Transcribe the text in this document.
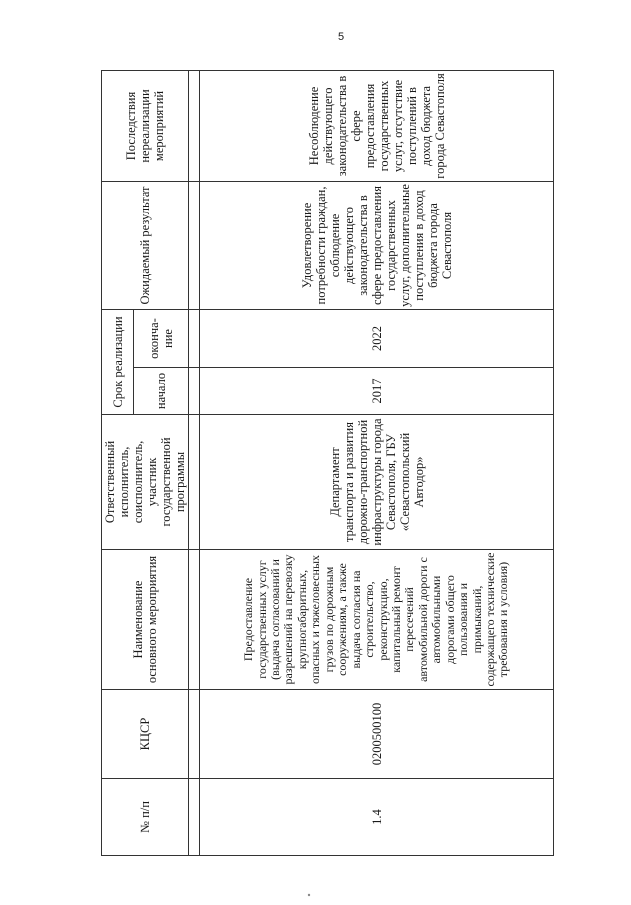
5
№ п/п	КЦСР	Наименование основного мероприятия	Ответственный исполнитель, соисполнитель, участник государственной программы	Срок реализации		Ожидаемый результат	Последствия нереализации мероприятий
				начало	оконча-ние		

1.4	0200500100	Предоставление государственных услуг (выдача согласований и разрешений на перевозку крупногабаритных, опасных и тяжеловесных грузов по дорожным сооружениям, а также выдача согласия на строительство, реконструкцию, капитальный ремонт пересечений автомобильной дороги с автомобильными дорогами общего пользования и примыканий, содержащего технические требования и условия)	Департамент транспорта и развития дорожно-транспортной инфраструктуры города Севастополя, ГБУ «Севастопольский Автодор»	2017	2022	Удовлетворение потребности граждан, соблюдение действующего законодательства в сфере предоставления государственных услуг, дополнительные поступления в доход бюджета города Севастополя	Несоблюдение действующего законодательства в сфере предоставления государственных услуг, отсутствие поступлений в доход бюджета города Севастополя
